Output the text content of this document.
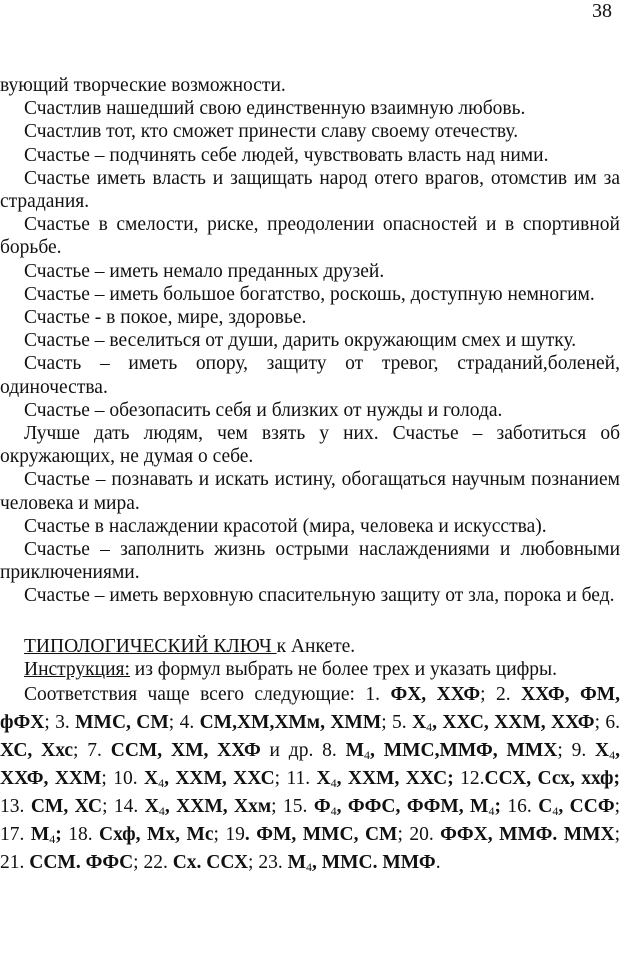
38

вующий творческие возможности.

Счастлив нашедший свою единственную взаимную любовь.

Счастлив тот, кто сможет принести славу своему отечеству.

Счастье – подчинять себе людей, чувствовать власть над ними.

Счастье иметь власть и защищать народ отего врагов, отомстив им за страдания.

Счастье в смелости, риске, преодолении опасностей и в спортивной борьбе.

Счастье – иметь немало преданных друзей.

Счастье – иметь большое богатство, роскошь, доступную немногим.

Счастье - в покое, мире, здоровье.

Счастье – веселиться от души, дарить окружающим смех и шутку.

Счасть – иметь опору, защиту от тревог, страданий,боленей, одиночества.

Счастье – обезопасить себя и близких от нужды и голода.

Лучше дать людям, чем взять у них. Счастье – заботиться об окружающих, не думая о себе.

Счастье – познавать и искать истину, обогащаться научным познанием человека и мира.

Счастье в наслаждении красотой (мира, человека и искусства).

Счастье – заполнить жизнь острыми наслаждениями и любовными приключениями.

Счастье – иметь верховную спасительную защиту от зла, порока и бед.

ТИПОЛОГИЧЕСКИЙ КЛЮЧ к Анкете.

Инструкция: из формул выбрать не более трех и указать цифры.

Соответствия чаще всего следующие: 1. ФХ, ХХФ; 2. ХХФ, ФМ, фФХ; 3. ММС, СМ; 4. СМ,ХМ,ХМм, ХММ; 5. $Х_4$, ХХС, ХХМ, ХХФ; 6. ХС, Ххс; 7. ССМ, ХМ, ХХФ и др. 8. $М_4$, ММС,ММФ, ММХ; 9. $Х_4$, ХХФ, ХХМ; 10. $Х_4$, ХХМ, ХХС; 11. $Х_4$, ХХМ, ХХС; 12.ССХ, Ссх, ххф; 13. СМ, ХС; 14. $Х_4$, ХХМ, Ххм; 15. $Ф_4$, ФФС, ФФМ, $М_4$; 16. $С_4$, ССФ; 17. $М_4$; 18. Схф, Мх, Мс; 19. ФМ, ММС, СМ; 20. ФФХ, ММФ. ММХ; 21. ССМ. ФФС; 22. Сх. ССХ; 23. $М_4$, ММС. ММФ.
